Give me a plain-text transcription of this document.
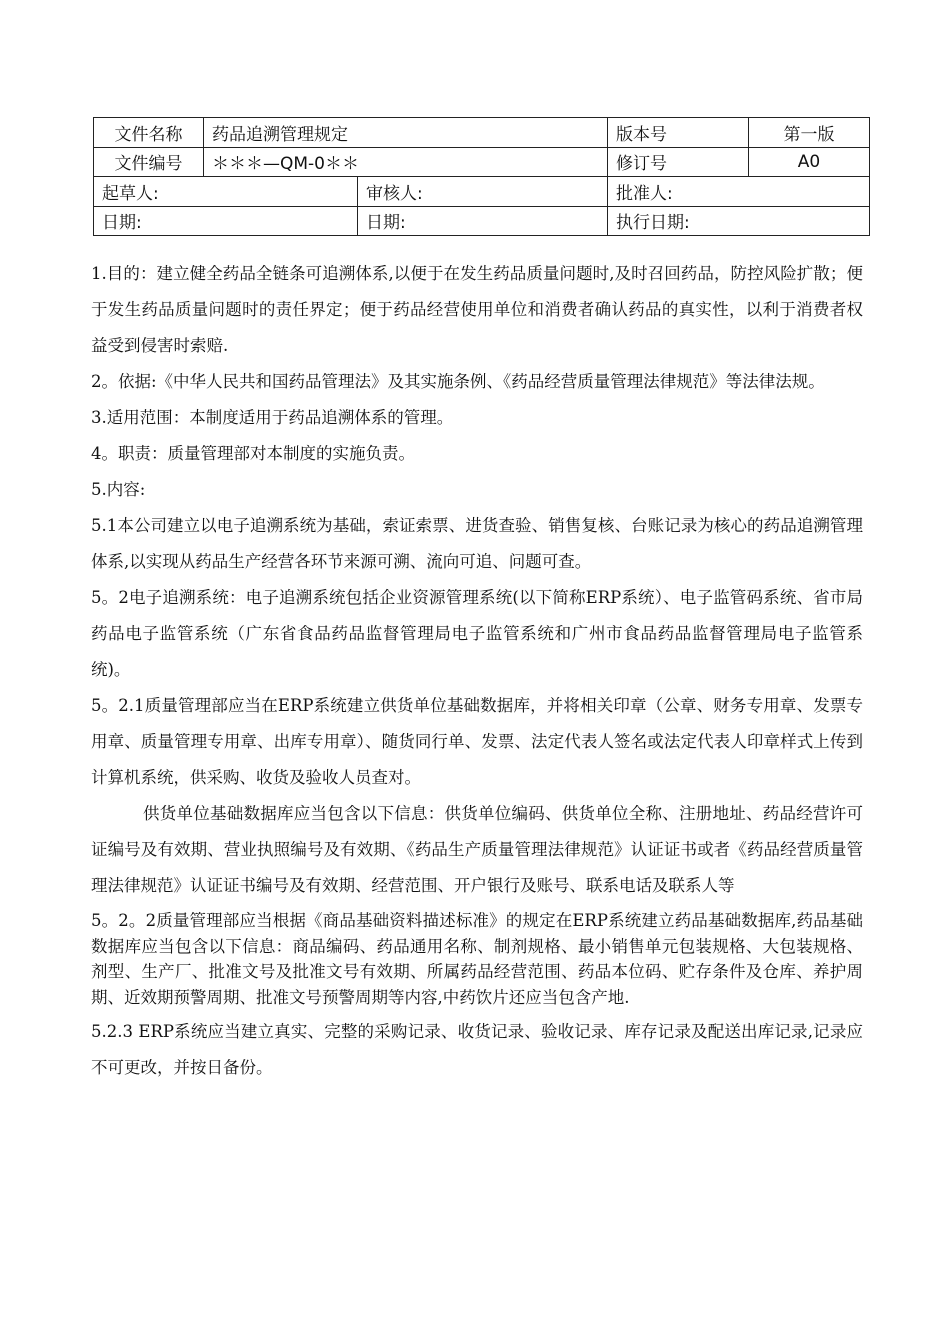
文件名称	药品追溯管理规定		版本号	第一版
文件编号	＊＊＊—QM-0＊＊		修订号	A0
起草人:		审核人:	批准人:	
日期:		日期:	执行日期:	

1.目的：建立健全药品全链条可追溯体系,以便于在发生药品质量问题时,及时召回药品，防控风险扩散；便于发生药品质量问题时的责任界定；便于药品经营使用单位和消费者确认药品的真实性，以利于消费者权益受到侵害时索赔.

2。依据:《中华人民共和国药品管理法》及其实施条例、《药品经营质量管理法律规范》等法律法规。

3.适用范围：本制度适用于药品追溯体系的管理。

4。职责：质量管理部对本制度的实施负责。

5.内容:

5.1本公司建立以电子追溯系统为基础，索证索票、进货查验、销售复核、台账记录为核心的药品追溯管理体系,以实现从药品生产经营各环节来源可溯、流向可追、问题可查。

5。2电子追溯系统：电子追溯系统包括企业资源管理系统(以下简称ERP系统）、电子监管码系统、省市局药品电子监管系统（广东省食品药品监督管理局电子监管系统和广州市食品药品监督管理局电子监管系统)。

5。2.1质量管理部应当在ERP系统建立供货单位基础数据库，并将相关印章（公章、财务专用章、发票专用章、质量管理专用章、出库专用章）、随货同行单、发票、法定代表人签名或法定代表人印章样式上传到计算机系统，供采购、收货及验收人员查对。

供货单位基础数据库应当包含以下信息：供货单位编码、供货单位全称、注册地址、药品经营许可证编号及有效期、营业执照编号及有效期、《药品生产质量管理法律规范》认证证书或者《药品经营质量管理法律规范》认证证书编号及有效期、经营范围、开户银行及账号、联系电话及联系人等

5。2。2质量管理部应当根据《商品基础资料描述标准》的规定在ERP系统建立药品基础数据库,药品基础数据库应当包含以下信息：商品编码、药品通用名称、制剂规格、最小销售单元包装规格、大包装规格、剂型、生产厂、批准文号及批准文号有效期、所属药品经营范围、药品本位码、贮存条件及仓库、养护周期、近效期预警周期、批准文号预警周期等内容,中药饮片还应当包含产地.

5.2.3 ERP系统应当建立真实、完整的采购记录、收货记录、验收记录、库存记录及配送出库记录,记录应不可更改，并按日备份。
